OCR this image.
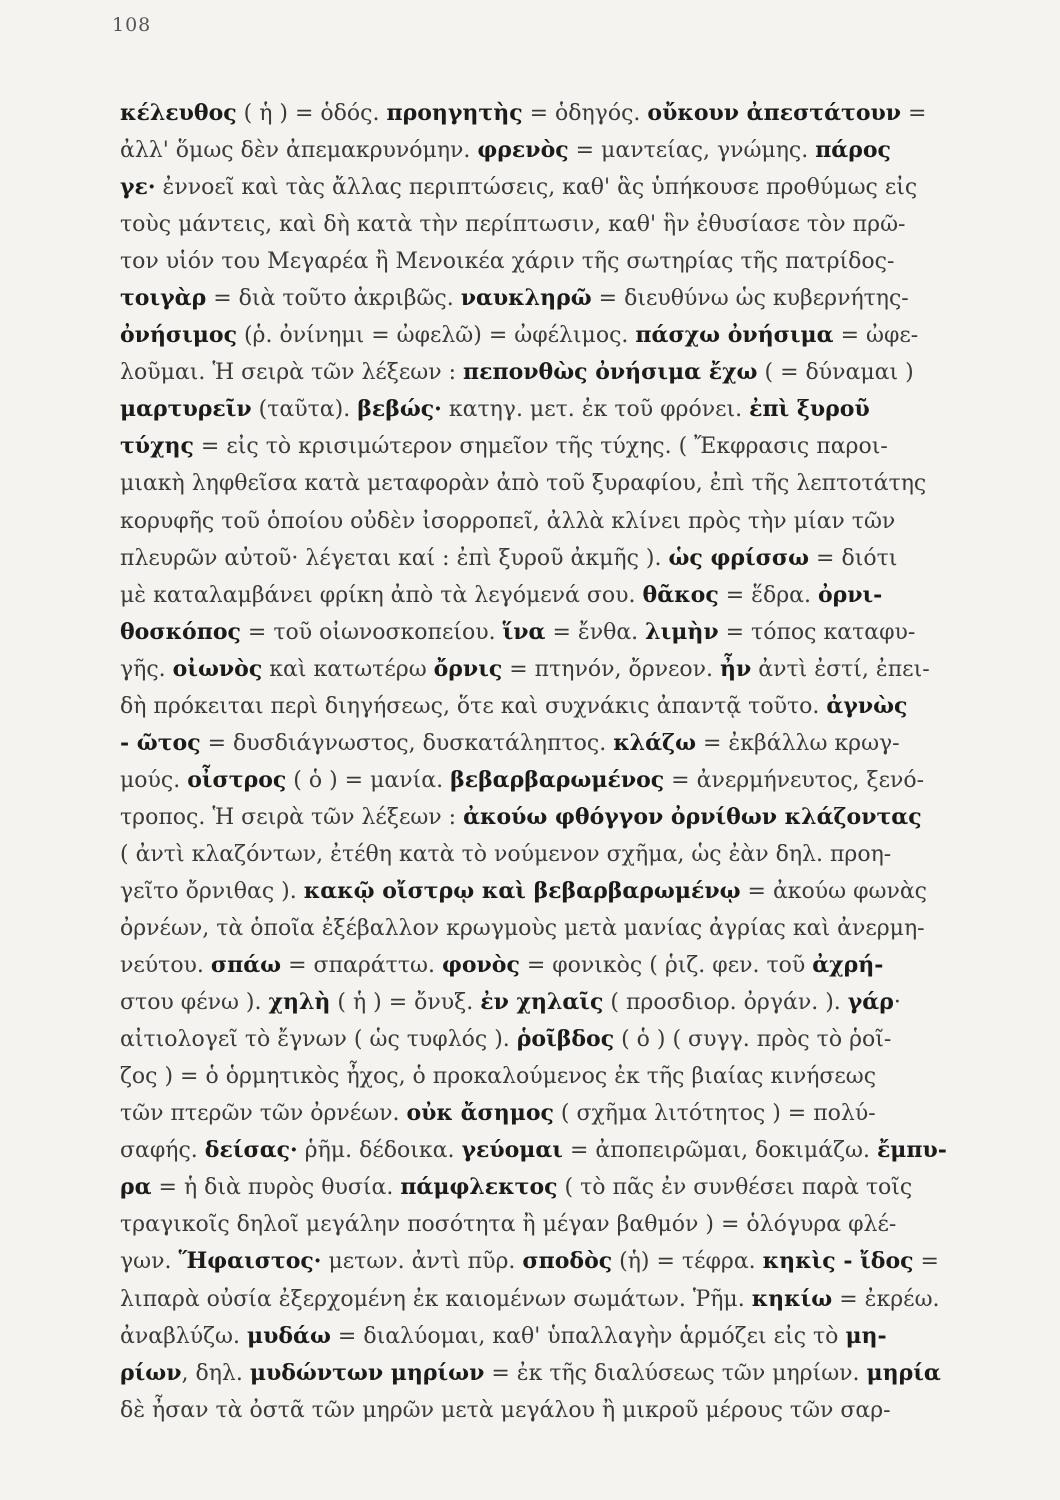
108
κέλευθος ( ἡ ) = ὁδός. προηγητὴς = ὁδηγός. οὔκουν ἀπεστάτουν =
ἀλλ' ὅμως δὲν ἀπεμακρυνόμην. φρενὸς = μαντείας, γνώμης. πάρος
γε· ἐννοεῖ καὶ τὰς ἄλλας περιπτώσεις, καθ' ἃς ὑπήκουσε προθύμως εἰς
τοὺς μάντεις, καὶ δὴ κατὰ τὴν περίπτωσιν, καθ' ἣν ἐθυσίασε τὸν πρῶ-
τον υἱόν του Μεγαρέα ἢ Μενοικέα χάριν τῆς σωτηρίας τῆς πατρίδος-
τοιγὰρ = διὰ τοῦτο ἀκριβῶς. ναυκληρῶ = διευθύνω ὡς κυβερνήτης-
ὀνήσιμος (ῥ. ὀνίνημι = ὠφελῶ) = ὠφέλιμος. πάσχω ὀνήσιμα = ὠφε-
λοῦμαι. Ἡ σειρὰ τῶν λέξεων : πεπονθὼς ὀνήσιμα ἔχω ( = δύναμαι )
μαρτυρεῖν (ταῦτα). βεβώς· κατηγ. μετ. ἐκ τοῦ φρόνει. ἐπὶ ξυροῦ
τύχης = εἰς τὸ κρισιμώτερον σημεῖον τῆς τύχης. ( Ἔκφρασις παροι-
μιακὴ ληφθεῖσα κατὰ μεταφορὰν ἀπὸ τοῦ ξυραφίου, ἐπὶ τῆς λεπτοτάτης
κορυφῆς τοῦ ὁποίου οὐδὲν ἰσορροπεῖ, ἀλλὰ κλίνει πρὸς τὴν μίαν τῶν
πλευρῶν αὐτοῦ· λέγεται καί : ἐπὶ ξυροῦ ἀκμῆς ). ὡς φρίσσω = διότι
μὲ καταλαμβάνει φρίκη ἀπὸ τὰ λεγόμενά σου. θᾶκος = ἕδρα. ὀρνι-
θοσκόπος = τοῦ οἰωνοσκοπείου. ἵνα = ἔνθα. λιμὴν = τόπος καταφυ-
γῆς. οἰωνὸς καὶ κατωτέρω ὄρνις = πτηνόν, ὄρνεον. ἦν ἀντὶ ἐστί, ἐπει-
δὴ πρόκειται περὶ διηγήσεως, ὅτε καὶ συχνάκις ἀπαντᾷ τοῦτο. ἀγνὼς
- ῶτος = δυσδιάγνωστος, δυσκατάληπτος. κλάζω = ἐκβάλλω κρωγ-
μούς. οἶστρος ( ὁ ) = μανία. βεβαρβαρωμένος = ἀνερμήνευτος, ξενό-
τροπος. Ἡ σειρὰ τῶν λέξεων : ἀκούω φθόγγον ὀρνίθων κλάζοντας
( ἀντὶ κλαζόντων, ἐτέθη κατὰ τὸ νούμενον σχῆμα, ὡς ἐὰν δηλ. προη-
γεῖτο ὄρνιθας ). κακῷ οἴστρῳ καὶ βεβαρβαρωμένῳ = ἀκούω φωνὰς
ὀρνέων, τὰ ὁποῖα ἐξέβαλλον κρωγμοὺς μετὰ μανίας ἀγρίας καὶ ἀνερμη-
νεύτου. σπάω = σπαράττω. φονὸς = φονικὸς ( ῥιζ. φεν. τοῦ ἀχρή-
στου φένω ). χηλὴ ( ἡ ) = ὄνυξ. ἐν χηλαῖς ( προσδιορ. ὀργάν. ). γάρ·
αἰτιολογεῖ τὸ ἔγνων ( ὡς τυφλός ). ῥοῖβδος ( ὁ ) ( συγγ. πρὸς τὸ ῥοῖ-
ζος ) = ὁ ὁρμητικὸς ἦχος, ὁ προκαλούμενος ἐκ τῆς βιαίας κινήσεως
τῶν πτερῶν τῶν ὀρνέων. οὐκ ἄσημος ( σχῆμα λιτότητος ) = πολύ-
σαφής. δείσας· ῥῆμ. δέδοικα. γεύομαι = ἀποπειρῶμαι, δοκιμάζω. ἔμπυ-
ρα = ἡ διὰ πυρὸς θυσία. πάμφλεκτος ( τὸ πᾶς ἐν συνθέσει παρὰ τοῖς
τραγικοῖς δηλοῖ μεγάλην ποσότητα ἢ μέγαν βαθμόν ) = ὁλόγυρα φλέ-
γων. Ἥφαιστος· μετων. ἀντὶ πῦρ. σποδὸς (ἡ) = τέφρα. κηκὶς - ἴδος =
λιπαρὰ οὐσία ἐξερχομένη ἐκ καιομένων σωμάτων. Ῥῆμ. κηκίω = ἐκρέω.
ἀναβλύζω. μυδάω = διαλύομαι, καθ' ὑπαλλαγὴν ἁρμόζει εἰς τὸ μη-
ρίων, δηλ. μυδώντων μηρίων = ἐκ τῆς διαλύσεως τῶν μηρίων. μηρία
δὲ ἦσαν τὰ ὀστᾶ τῶν μηρῶν μετὰ μεγάλου ἢ μικροῦ μέρους τῶν σαρ-
